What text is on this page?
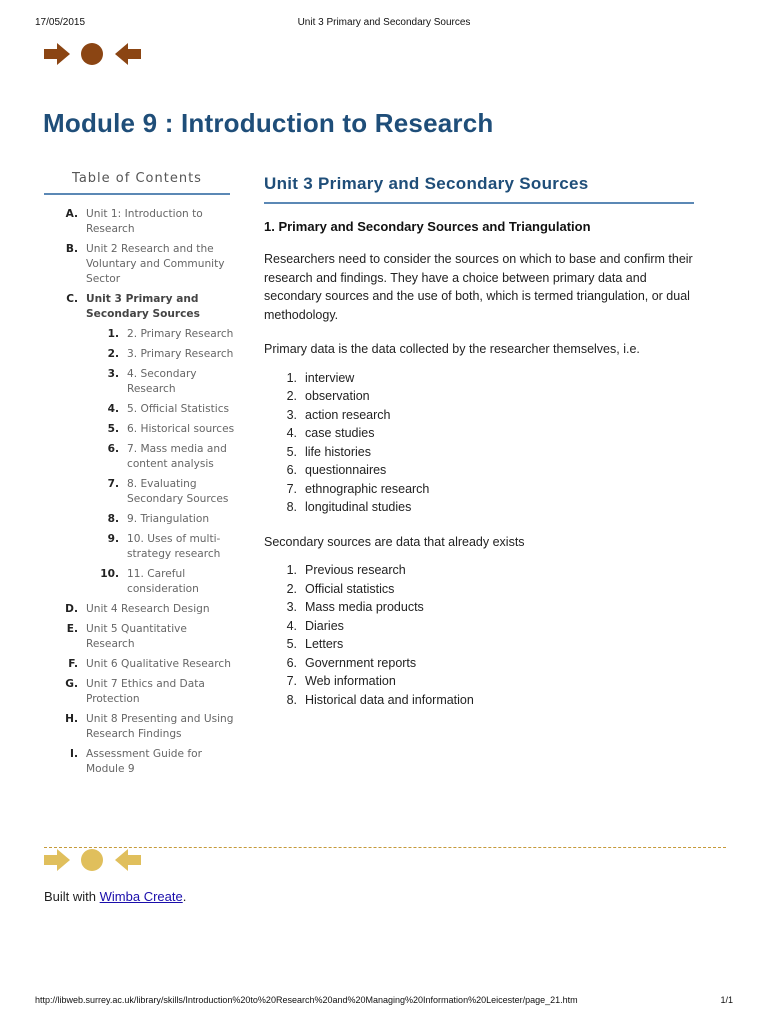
17/05/2015	Unit 3 Primary and Secondary Sources
Module 9 : Introduction to Research
Table of Contents
A. Unit 1: Introduction to Research
B. Unit 2 Research and the Voluntary and Community Sector
C. Unit 3 Primary and Secondary Sources
1. 2. Primary Research
2. 3. Primary Research
3. 4. Secondary Research
4. 5. Official Statistics
5. 6. Historical sources
6. 7. Mass media and content analysis
7. 8. Evaluating Secondary Sources
8. 9. Triangulation
9. 10. Uses of multi-strategy research
10. 11. Careful consideration
D. Unit 4 Research Design
E. Unit 5 Quantitative Research
F. Unit 6 Qualitative Research
G. Unit 7 Ethics and Data Protection
H. Unit 8 Presenting and Using Research Findings
I. Assessment Guide for Module 9
Unit 3 Primary and Secondary Sources
1. Primary and Secondary Sources and Triangulation

Researchers need to consider the sources on which to base and confirm their research and findings. They have a choice between primary data and secondary sources and the use of both, which is termed triangulation, or dual methodology.

Primary data is the data collected by the researcher themselves, i.e.

1. interview
2. observation
3. action research
4. case studies
5. life histories
6. questionnaires
7. ethnographic research
8. longitudinal studies

Secondary sources are data that already exists

1. Previous research
2. Official statistics
3. Mass media products
4. Diaries
5. Letters
6. Government reports
7. Web information
8. Historical data and information
Built with Wimba Create.
http://libweb.surrey.ac.uk/library/skills/Introduction%20to%20Research%20and%20Managing%20Information%20Leicester/page_21.htm	1/1
